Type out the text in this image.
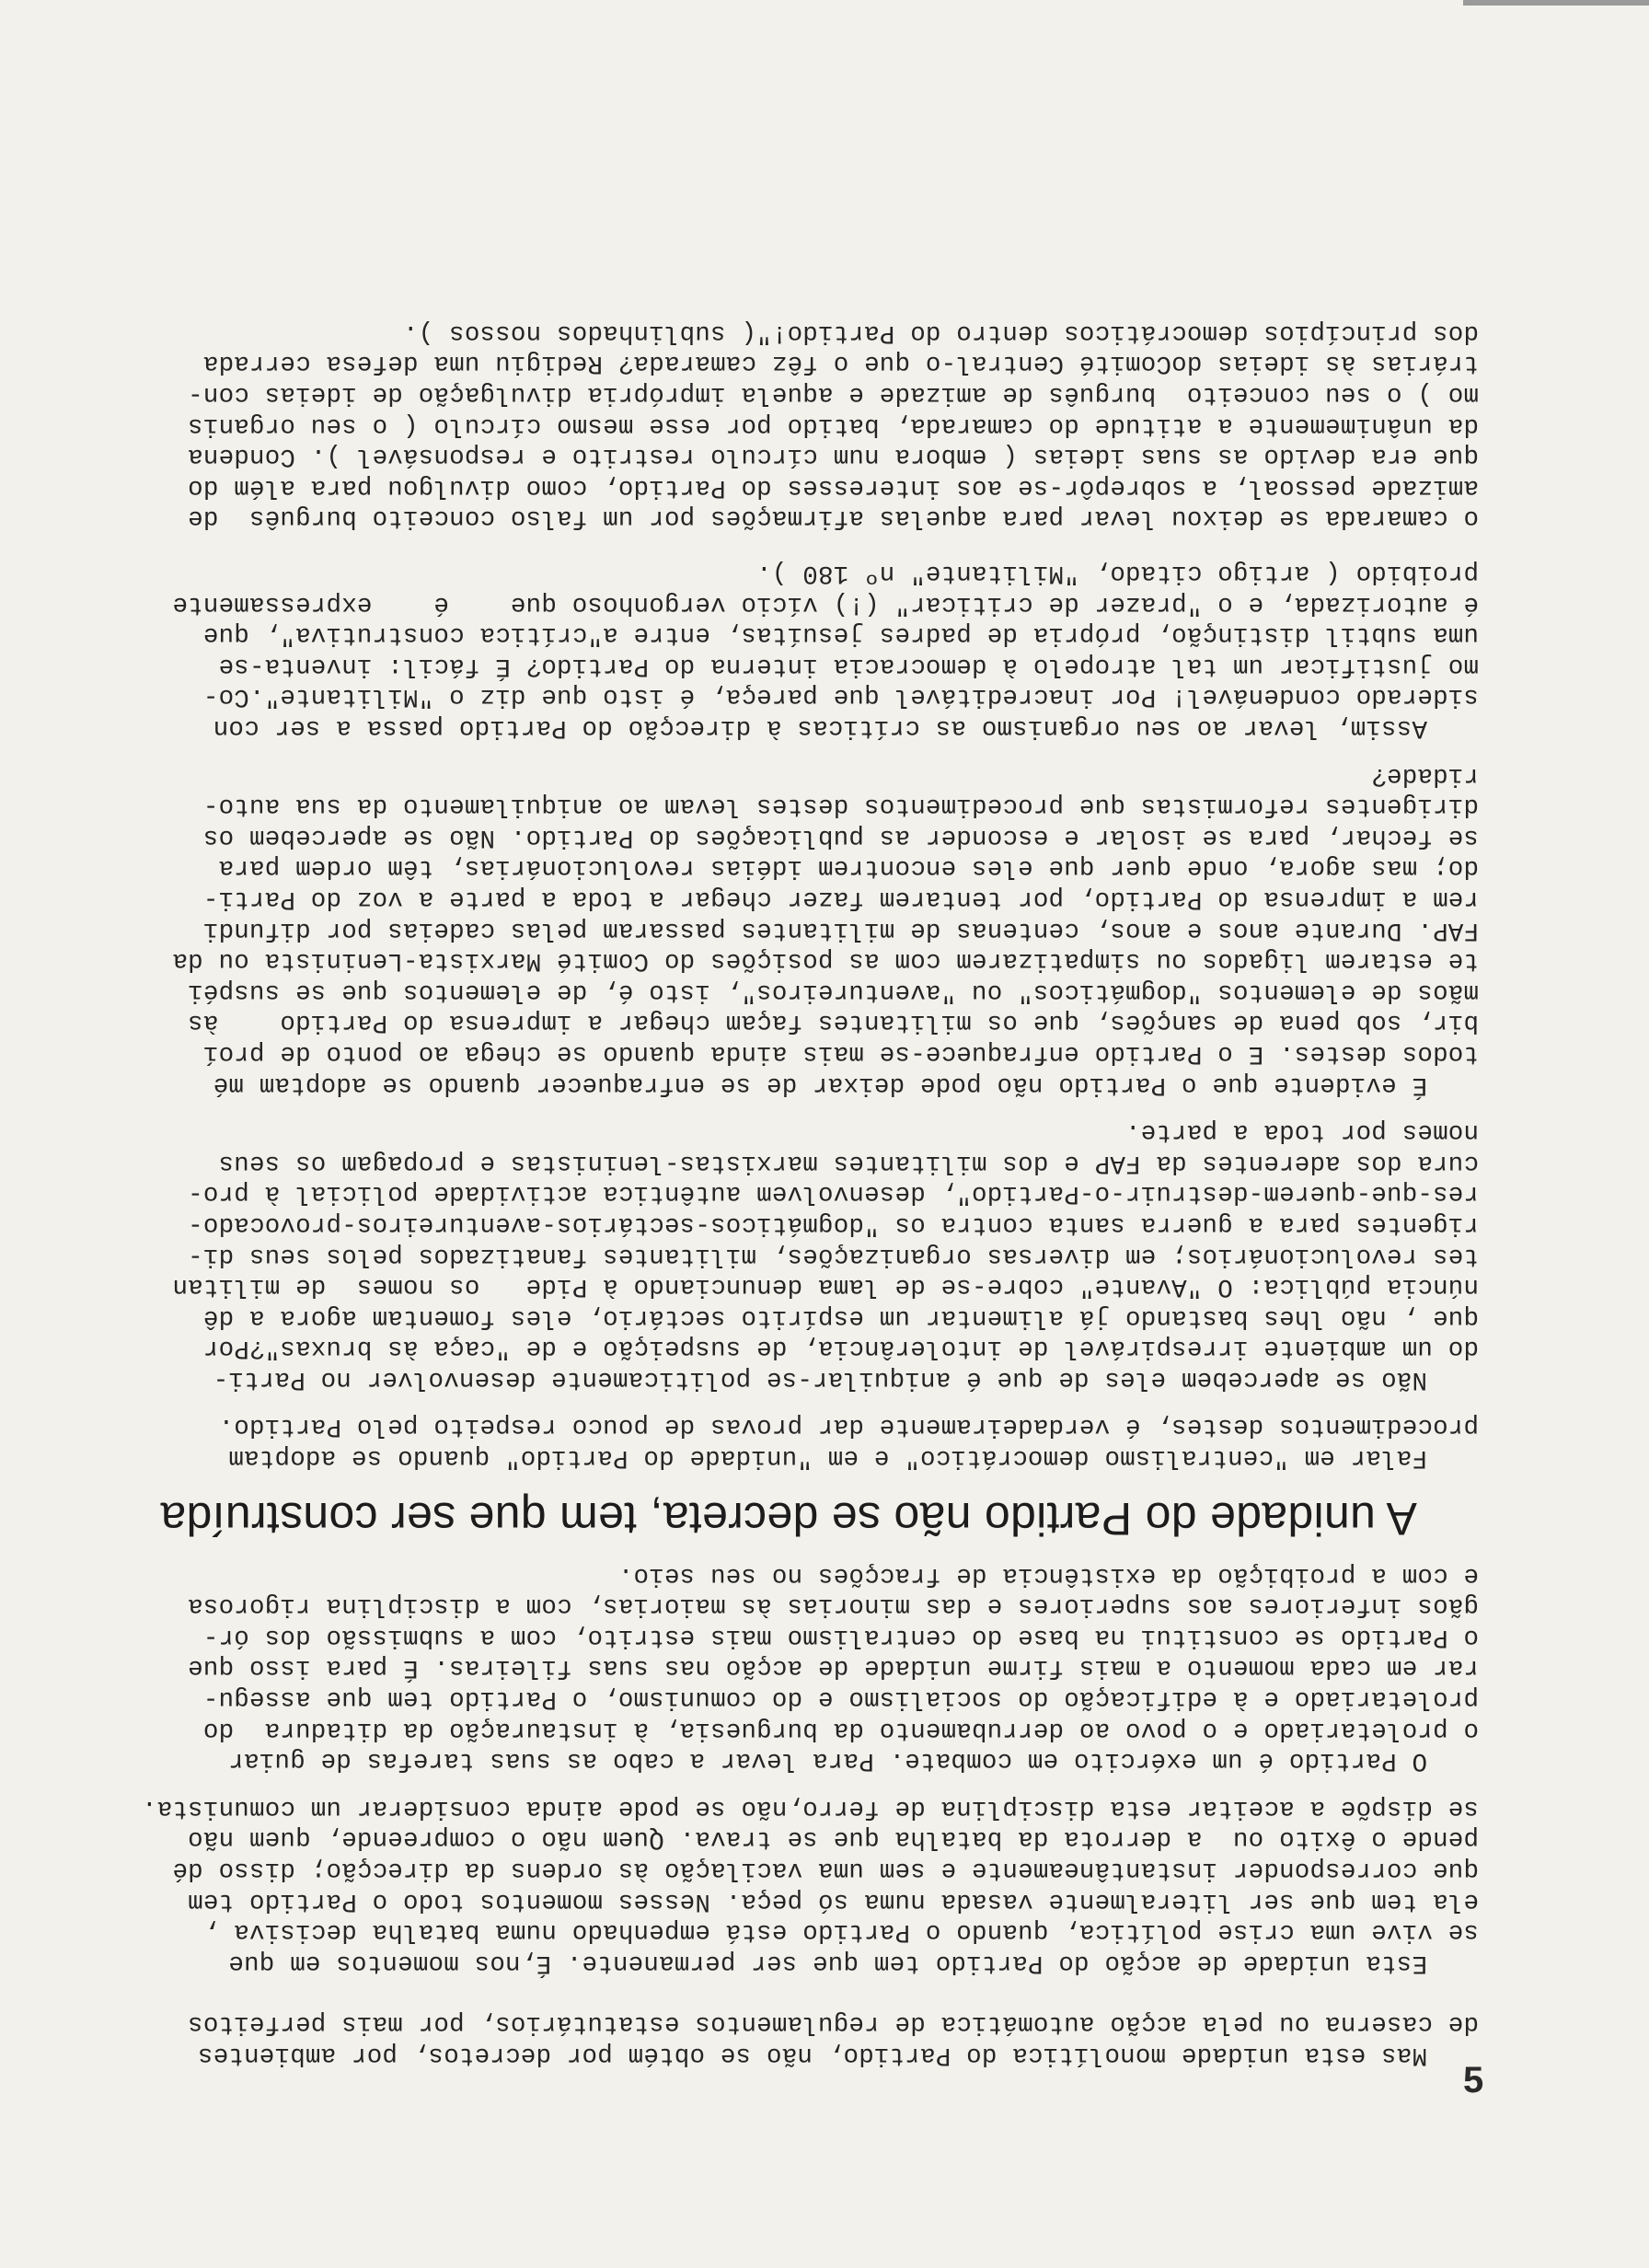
Mas esta unidade monolítica do Partido, não se obtém por decretos, por ambientes
de caserna ou pela acção automática de regulamentos estatutários, por mais perfeitos
Esta unidade de acção do Partido tem que ser permanente. É,nos momentos em que
se vive uma crise política, quando o Partido está empenhado numa batalha decisiva ,
ela tem que ser literalmente vasada numa só peça. Nesses momentos todo o Partido tem
que corresponder instantâneamente e sem uma vacilação às ordens da direcção; disso dé
pende o êxito ou  a derrota da batalha que se trava. Quem não o compreende, quem não
se dispõe a aceitar esta disciplina de ferro,não se pode ainda considerar um comunista.
O Partido é um exército em combate. Para levar a cabo as suas tarefas de guiar
o proletariado e o povo ao derrubamento da burguesia, à instauração da ditadura  do
proletariado e à edificação do socialismo e do comunismo, o Partido tem que assegu-
rar em cada momento a mais firme unidade de acção nas suas fileiras. É para isso que
o Partido se constitui na base do centralismo mais estrito, com a submissão dos ór-
gãos inferiores aos superiores e das minorias às maiorias, com a disciplina rigorosa
e com a proibição da existência de fracções no seu seio.
A unidade do Partido não se decreta, tem que ser construída
Falar em "centralismo democrático" e em "unidade do Partido" quando se adoptam
procedimentos destes, é verdadeiramente dar provas de pouco respeito pelo Partido.
Não se apercebem eles de que é aniquilar-se politicamente desenvolver no Parti-
do um ambiente irrespirável de intolerância, de suspeição e de "caça às bruxas"?Por
que , não lhes bastando já alimentar um espírito sectário, eles fomentam agora a dê
núncia pública: O "Avante" cobre-se de lama denunciando à Pide   os nomes  de militan
tes revolucionários; em diversas organizações, militantes fanatizados pelos seus di-
rigentes para a guerra santa contra os "dogmáticos-sectários-aventureiros-provocado-
res-que-querem-destruir-o-Partido", desenvolvem autêntica actividade policial à pro-
cura dos aderentes da FAP e dos militantes marxistas-leninistas e propagam os seus
nomes por toda a parte.
É evidente que o Partido não pode deixar de se enfraquecer quando se adoptam mé
todos destes. E o Partido enfraquece-se mais ainda quando se chega ao ponto de proí
bir, sob pena de sanções, que os militantes façam chegar a imprensa do Partido    às
mãos de elementos "dogmáticos" ou "aventureiros", isto é, de elementos que se suspéi
te estarem ligados ou simpatizarem com as posições do Comité Marxista-Leninista ou da
FAP. Durante anos e anos, centenas de militantes passaram pelas cadeias por difundi
rem a imprensa do Partido, por tentarem fazer chegar a toda a parte a voz do Parti-
do; mas agora, onde quer que eles encontrem idéias revolucionárias, têm ordem para
se fechar, para se isolar e esconder as publicações do Partido. Não se apercebem os
dirigentes reformistas que procedimentos destes levam ao aniquilamento da sua auto-
ridade?
Assim, levar ao seu organismo as críticas à direcção do Partido passa a ser con
siderado condenável! Por inacreditável que pareça, é isto que diz o "Militante".Co-
mo justificar um tal atropelo à democracia interna do Partido? É fácil: inventa-se
uma subtil distinção, própria de padres jesuítas, entre a"crítica construtiva", que
é autorizada, e o "prazer de criticar" (!) vício vergonhoso que    é    expressamente
proibido ( artigo citado, "Militante" nº 180 ).
o camarada se deixou levar para aquelas afirmações por um falso conceito burguês  de
amizade pessoal, a sobrepôr-se aos interesses do Partido, como divulgou para além do
que era devido as suas ideias ( embora num círculo restrito e responsável ). Condena
da unânimemente a atitude do camarada, batido por esse mesmo círculo ( o seu organis
mo ) o seu conceito  burguês de amizade e aquela imprópria divulgação de ideias con-
trárias às ideias doComité Central-o que o fêz camarada? Redigiu uma defesa cerrada
dos princípios democráticos dentro do Partido!"( sublinhados nossos ).
5
